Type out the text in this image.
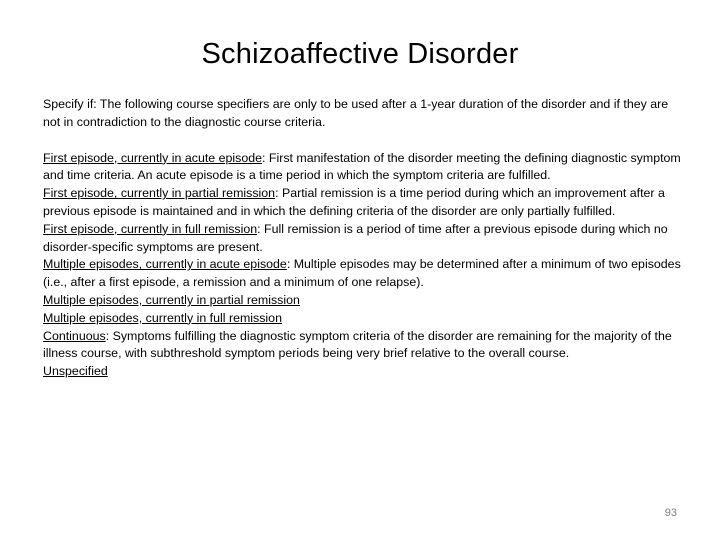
Schizoaffective Disorder

Specify if: The following course specifiers are only to be used after a 1-year duration of the disorder and if they are not in contradiction to the diagnostic course criteria.

First episode, currently in acute episode: First manifestation of the disorder meeting the defining diagnostic symptom and time criteria. An acute episode is a time period in which the symptom criteria are fulfilled.

First episode, currently in partial remission: Partial remission is a time period during which an improvement after a previous episode is maintained and in which the defining criteria of the disorder are only partially fulfilled.

First episode, currently in full remission: Full remission is a period of time after a previous episode during which no disorder-specific symptoms are present.

Multiple episodes, currently in acute episode: Multiple episodes may be determined after a minimum of two episodes (i.e., after a first episode, a remission and a minimum of one relapse).

Multiple episodes, currently in partial remission

Multiple episodes, currently in full remission

Continuous: Symptoms fulfilling the diagnostic symptom criteria of the disorder are remaining for the majority of the illness course, with subthreshold symptom periods being very brief relative to the overall course.

Unspecified

93
